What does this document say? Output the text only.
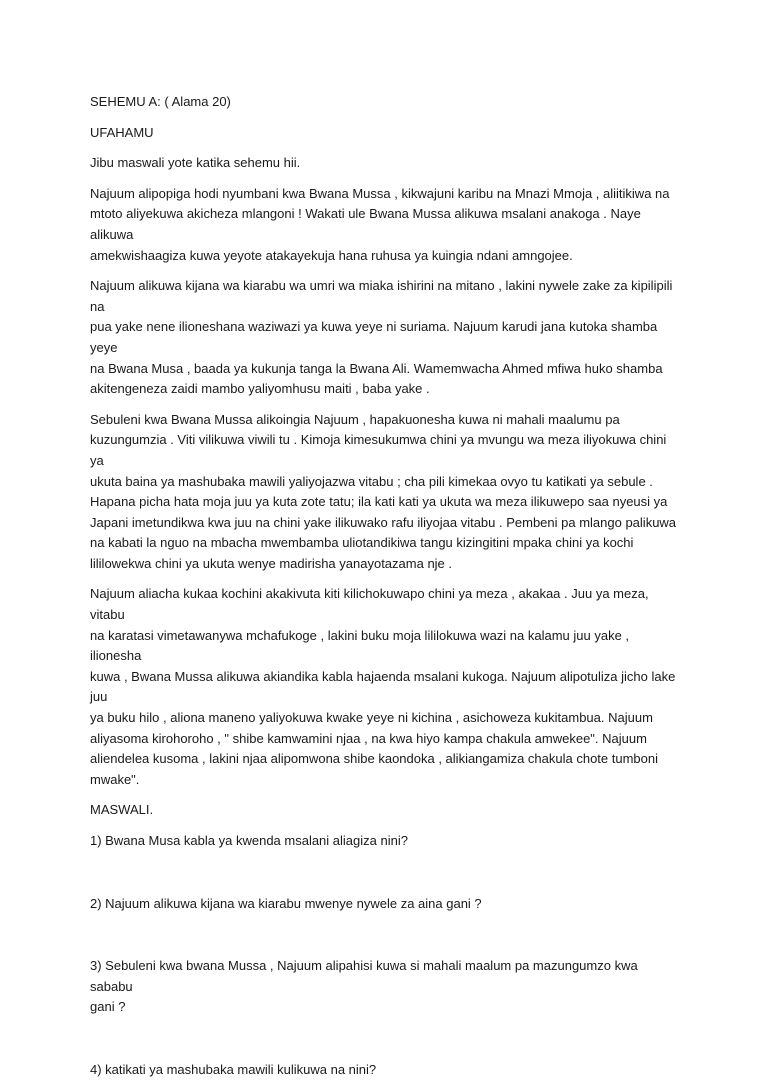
SEHEMU A: ( Alama 20)

UFAHAMU

Jibu maswali yote katika sehemu hii.

Najuum alipopiga hodi nyumbani kwa Bwana Mussa , kikwajuni karibu na Mnazi Mmoja , aliitikiwa na
mtoto aliyekuwa akicheza mlangoni ! Wakati ule Bwana Mussa alikuwa msalani anakoga . Naye alikuwa
amekwishaagiza kuwa yeyote atakayekuja hana ruhusa ya kuingia ndani amngojee.

Najuum alikuwa kijana wa kiarabu wa umri wa miaka ishirini na mitano , lakini nywele zake za kipilipili na
pua yake nene ilioneshana waziwazi ya kuwa yeye ni suriama. Najuum karudi jana kutoka shamba yeye
na Bwana Musa , baada ya kukunja tanga la Bwana Ali. Wamemwacha Ahmed mfiwa huko shamba
akitengeneza zaidi mambo yaliyomhusu maiti , baba yake .

Sebuleni kwa Bwana Mussa alikoingia Najuum , hapakuonesha kuwa ni mahali maalumu pa
kuzungumzia . Viti vilikuwa viwili tu . Kimoja kimesukumwa chini ya mvungu wa meza iliyokuwa chini ya
ukuta baina ya mashubaka mawili yaliyojazwa vitabu ; cha pili kimekaa ovyo tu katikati ya sebule .
Hapana picha hata moja juu ya kuta zote tatu; ila kati kati ya ukuta wa meza ilikuwepo saa nyeusi ya
Japani imetundikwa kwa juu na chini yake ilikuwako rafu iliyojaa vitabu . Pembeni pa mlango palikuwa
na kabati la nguo na mbacha mwembamba uliotandikiwa tangu kizingitini mpaka chini ya kochi
lililowekwa chini ya ukuta wenye madirisha yanayotazama nje .

Najuum aliacha kukaa kochini akakivuta kiti kilichokuwapo chini ya meza , akakaa . Juu ya meza, vitabu
na karatasi vimetawanywa mchafukoge , lakini buku moja lililokuwa wazi na kalamu juu yake , ilionesha
kuwa , Bwana Mussa alikuwa akiandika kabla hajaenda msalani kukoga. Najuum alipotuliza jicho lake juu
ya buku hilo , aliona maneno yaliyokuwa kwake yeye ni kichina , asichoweza kukitambua. Najuum
aliyasoma kirohoroho , " shibe kamwamini njaa , na kwa hiyo kampa chakula amwekee". Najuum
aliendelea kusoma , lakini njaa alipomwona shibe kaondoka , alikiangamiza chakula chote tumboni
mwake".

MASWALI.

1) Bwana Musa kabla ya kwenda msalani aliagiza nini?

2) Najuum alikuwa kijana wa kiarabu mwenye nywele za aina gani ?

3) Sebuleni kwa bwana Mussa , Najuum alipahisi kuwa si mahali maalum pa mazungumzo kwa sababu
gani ?

4) katikati ya mashubaka mawili kulikuwa na nini?
